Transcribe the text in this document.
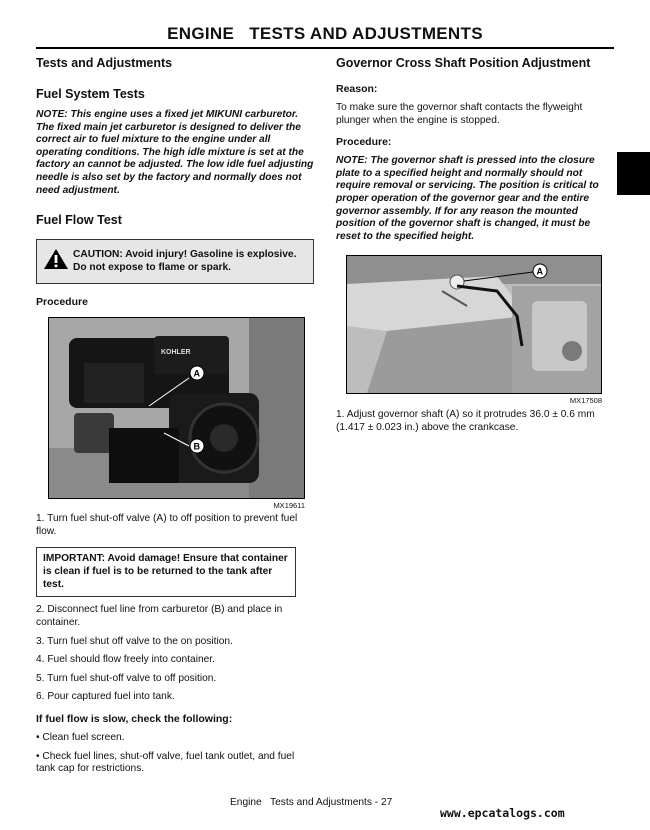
ENGINE   TESTS AND ADJUSTMENTS
Tests and Adjustments
Fuel System Tests

NOTE: This engine uses a fixed jet MIKUNI carburetor. The fixed main jet carburetor is designed to deliver the correct air to fuel mixture to the engine under all operating conditions. The high idle mixture is set at the factory an cannot be adjusted. The low idle fuel adjusting needle is also set by the factory and normally does not need adjustment.

Fuel Flow Test
CAUTION: Avoid injury! Gasoline is explosive. Do not expose to flame or spark.
Procedure
KOHLER
A
B
MX19611

1. Turn fuel shut-off valve (A) to off position to prevent fuel flow.

IMPORTANT: Avoid damage! Ensure that container is clean if fuel is to be returned to the tank after test.

2. Disconnect fuel line from carburetor (B) and place in container.

3. Turn fuel shut off valve to the on position.

4. Fuel should flow freely into container.

5. Turn fuel shut-off valve to off position.

6. Pour captured fuel into tank.

If fuel flow is slow, check the following:

• Clean fuel screen.

• Check fuel lines, shut-off valve, fuel tank outlet, and fuel tank cap for restrictions.

Governor Cross Shaft Position Adjustment
Reason:

To make sure the governor shaft contacts the flyweight plunger when the engine is stopped.

Procedure:

NOTE: The governor shaft is pressed into the closure plate to a specified height and normally should not require removal or servicing. The position is critical to proper operation of the governor gear and the entire governor assembly. If for any reason the mounted position of the governor shaft is changed, it must be reset to the specified height.

A
MX17508

1. Adjust governor shaft (A) so it protrudes 36.0 ± 0.6 mm (1.417 ± 0.023 in.) above the crankcase.

Engine   Tests and Adjustments - 27
www.epcatalogs.com
